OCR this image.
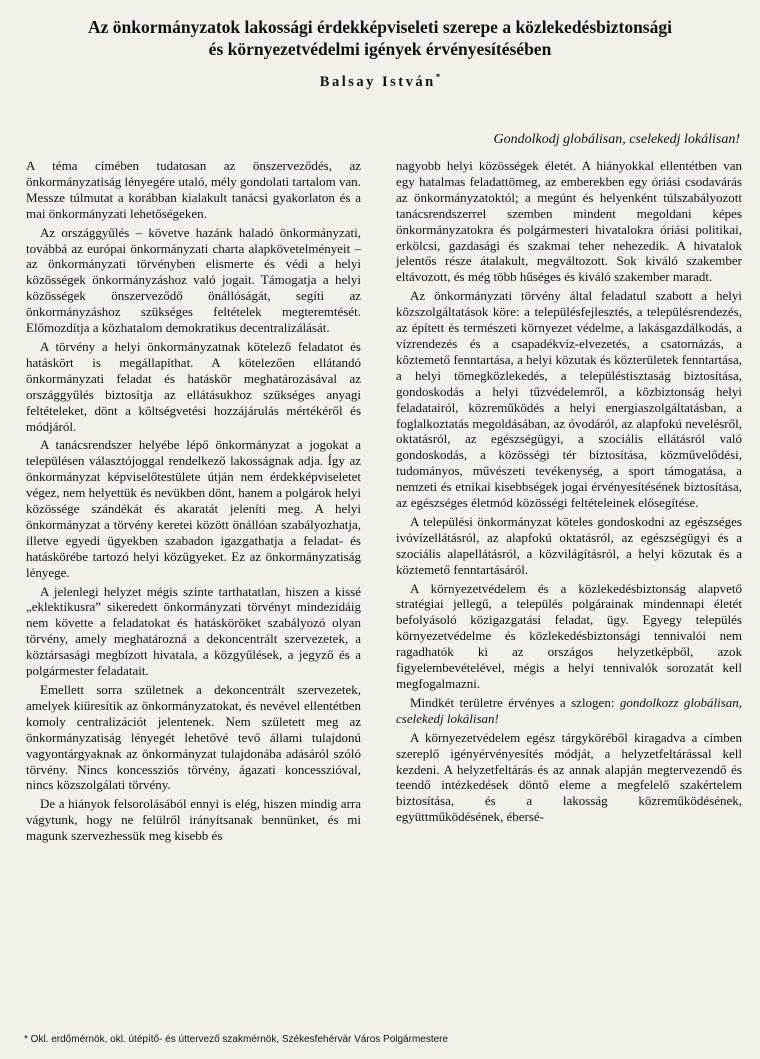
Az önkormányzatok lakossági érdekképviseleti szerepe a közlekedésbiztonsági
és környezetvédelmi igények érvényesítésében
Balsay István*
Gondolkodj globálisan, cselekedj lokálisan!

A téma címében tudatosan az önszerveződés, az önkormányzatiság lényegére utaló, mély gondolati tartalom van. Messze túlmutat a korábban kialakult tanácsi gyakorlaton és a mai önkormányzati lehetőségeken.

Az országgyűlés – követve hazánk haladó önkormányzati, továbbá az európai önkormányzati charta alapkövetelményeit – az önkormányzati törvényben elismerte és védi a helyi közösségek önkormányzáshoz való jogait. Támogatja a helyi közösségek önszerveződő önállóságát, segíti az önkormányzáshoz szükséges feltételek megteremtését. Előmozdítja a közhatalom demokratikus decentralizálását.

A törvény a helyi önkormányzatnak kötelező feladatot és hatáskört is megállapíthat. A kötelezően ellátandó önkormányzati feladat és hatáskör meghatározásával az országgyűlés biztosítja az ellátásukhoz szükséges anyagi feltételeket, dönt a költségvetési hozzájárulás mértékéről és módjáról.

A tanácsrendszer helyébe lépő önkormányzat a jogokat a településen választójoggal rendelkező lakosságnak adja. Így az önkormányzat képviselőtestülete útján nem érdekképviseletet végez, nem helyettük és nevükben dönt, hanem a polgárok helyi közössége szándékát és akaratát jeleníti meg. A helyi önkormányzat a törvény keretei között önállóan szabályozhatja, illetve egyedi ügyekben szabadon igazgathatja a feladat- és hatáskörébe tartozó helyi közügyeket. Ez az önkormányzatiság lényege.

A jelenlegi helyzet mégis szinte tarthatatlan, hiszen a kissé „eklektikusra” sikeredett önkormányzati törvényt mindezidáig nem követte a feladatokat és hatásköröket szabályozó olyan törvény, amely meghatározná a dekoncentrált szervezetek, a köztársasági megbízott hivatala, a közgyűlések, a jegyző és a polgármester feladatait.

Emellett sorra születnek a dekoncentrált szervezetek, amelyek kiüresítik az önkormányzatokat, és nevével ellentétben komoly centralizációt jelentenek. Nem született meg az önkormányzatiság lényegét lehetővé tevő állami tulajdonú vagyontárgyaknak az önkormányzat tulajdonába adásáról szóló törvény. Nincs koncessziós törvény, ágazati koncesszióval, nincs közszolgálati törvény.

De a hiányok felsorolásából ennyi is elég, hiszen mindig arra vágytunk, hogy ne felülről irányítsanak bennünket, és mi magunk szervezhessük meg kisebb és

nagyobb helyi közösségek életét. A hiányokkal ellentétben van egy hatalmas feladattömeg, az emberekben egy óriási csodavárás az önkormányzatoktól; a megúnt és helyenként túlszabályozott tanácsrendszerrel szemben mindent megoldani képes önkormányzatokra és polgármesteri hivatalokra óriási politikai, erkölcsi, gazdasági és szakmai teher nehezedik. A hivatalok jelentős része átalakult, megváltozott. Sok kiváló szakember eltávozott, és még több hűséges és kiváló szakember maradt.

Az önkormányzati törvény által feladatul szabott a helyi közszolgáltatások köre: a településfejlesztés, a településrendezés, az épített és természeti környezet védelme, a lakásgazdálkodás, a vízrendezés és a csapadékvíz-elvezetés, a csatornázás, a köztemető fenntartása, a helyi közutak és közterületek fenntartása, a helyi tömegközlekedés, a településtisztaság biztosítása, gondoskodás a helyi tűzvédelemről, a közbiztonság helyi feladatairól, közreműködés a helyi energiaszolgáltatásban, a foglalkoztatás megoldásában, az óvodáról, az alapfokú nevelésről, oktatásról, az egészségügyi, a szociális ellátásról való gondoskodás, a közösségi tér biztosítása, közművelődési, tudományos, művészeti tevékenység, a sport támogatása, a nemzeti és etnikai kisebbségek jogai érvényesítésének biztosítása, az egészséges életmód közösségi feltételeinek elősegítése.

A települési önkormányzat köteles gondoskodni az egészséges ivóvízellátásról, az alapfokú oktatásról, az egészségügyi és a szociális alapellátásról, a közvilágításról, a helyi közutak és a köztemető fenntartásáról.

A környezetvédelem és a közlekedésbiztonság alapvető stratégiai jellegű, a település polgárainak mindennapi életét befolyásoló közigazgatási feladat, ügy. Egyegy település környezetvédelme és közlekedésbiztonsági tennivalói nem ragadhatók ki az országos helyzetképből, azok figyelembevételével, mégis a helyi tennivalók sorozatát kell megfogalmazni.

Mindkét területre érvényes a szlogen: gondolkozz globálisan, cselekedj lokálisan!

A környezetvédelem egész tárgyköréből kiragadva a címben szereplő igényérvényesítés módját, a helyzetfeltárással kell kezdeni. A helyzetfeltárás és az annak alapján megtervezendő és teendő intézkedések döntő eleme a megfelelő szakértelem biztosítása, és a lakosság közreműködésének, együttműködésének, ébersé-

* Okl. erdőmérnök, okl. útépítő- és úttervező szakmérnök, Székesfehérvár Város Polgármestere
